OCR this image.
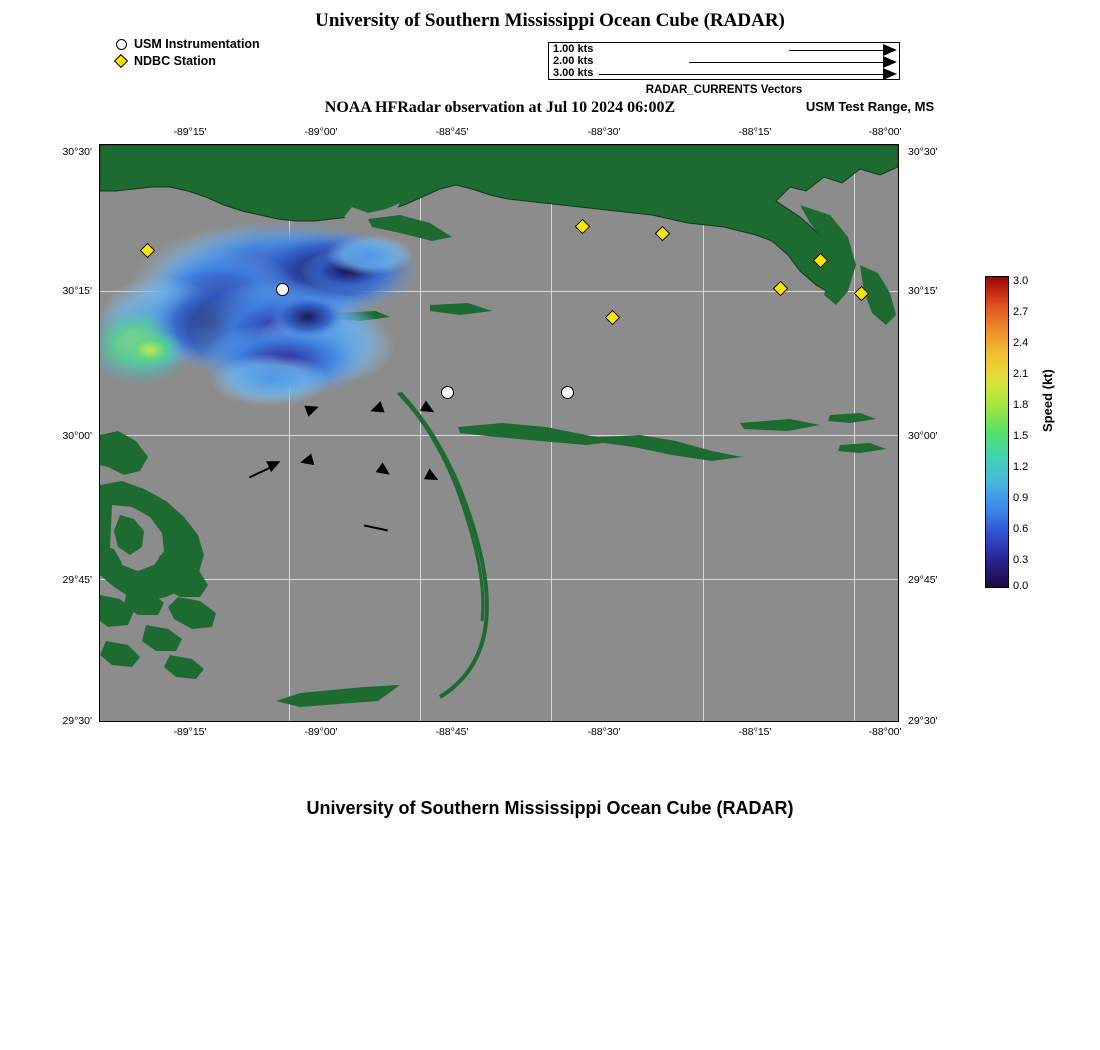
University of Southern Mississippi Ocean Cube (RADAR)
USM Instrumentation
NDBC Station
1.00 kts
2.00 kts
3.00 kts
RADAR_CURRENTS Vectors
NOAA HFRadar observation at Jul 10 2024 06:00Z	USM Test Range, MS
-89°15'	-89°00'	-88°45'	-88°30'	-88°15'	-88°00'
-89°15'	-89°00'	-88°45'	-88°30'	-88°15'	-88°00'
30°30'
30°15'
30°00'
29°45'
29°30'
30°30'
30°15'
30°00'
29°45'
29°30'
3.0
2.7
2.4
2.1
1.8
1.5
1.2
0.9
0.6
0.3
0.0
Speed (kt)
University of Southern Mississippi Ocean Cube (RADAR)
